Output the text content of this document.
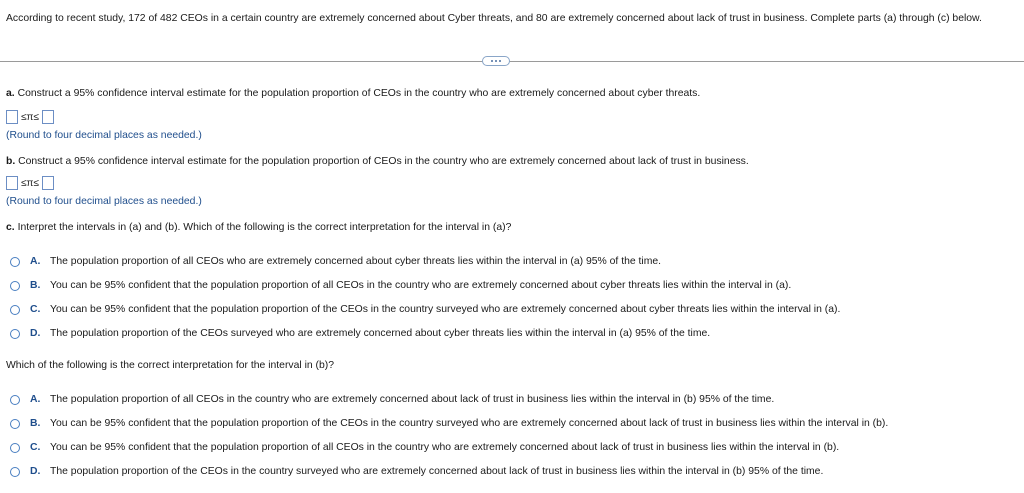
According to recent study, 172 of 482 CEOs in a certain country are extremely concerned about Cyber threats, and 80 are extremely concerned about lack of trust in business. Complete parts (a) through (c) below.
a. Construct a 95% confidence interval estimate for the population proportion of CEOs in the country who are extremely concerned about cyber threats.
≤π≤
(Round to four decimal places as needed.)
b. Construct a 95% confidence interval estimate for the population proportion of CEOs in the country who are extremely concerned about lack of trust in business.
≤π≤
(Round to four decimal places as needed.)
c. Interpret the intervals in (a) and (b). Which of the following is the correct interpretation for the interval in (a)?
A. The population proportion of all CEOs who are extremely concerned about cyber threats lies within the interval in (a) 95% of the time.
B. You can be 95% confident that the population proportion of all CEOs in the country who are extremely concerned about cyber threats lies within the interval in (a).
C. You can be 95% confident that the population proportion of the CEOs in the country surveyed who are extremely concerned about cyber threats lies within the interval in (a).
D. The population proportion of the CEOs surveyed who are extremely concerned about cyber threats lies within the interval in (a) 95% of the time.
Which of the following is the correct interpretation for the interval in (b)?
A. The population proportion of all CEOs in the country who are extremely concerned about lack of trust in business lies within the interval in (b) 95% of the time.
B. You can be 95% confident that the population proportion of the CEOs in the country surveyed who are extremely concerned about lack of trust in business lies within the interval in (b).
C. You can be 95% confident that the population proportion of all CEOs in the country who are extremely concerned about lack of trust in business lies within the interval in (b).
D. The population proportion of the CEOs in the country surveyed who are extremely concerned about lack of trust in business lies within the interval in (b) 95% of the time.
